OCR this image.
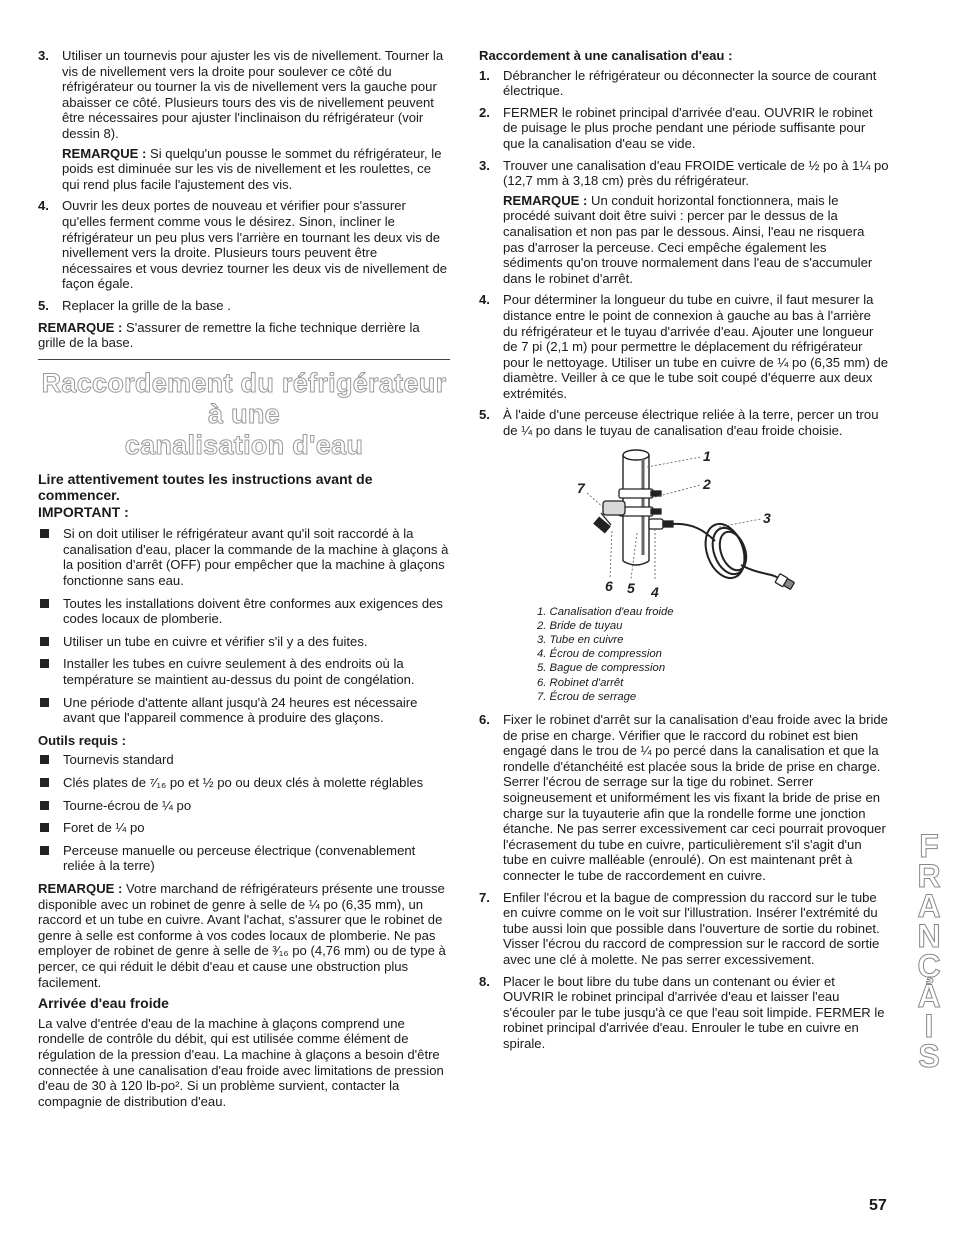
3. Utiliser un tournevis pour ajuster les vis de nivellement. Tourner la vis de nivellement vers la droite pour soulever ce côté du réfrigérateur ou tourner la vis de nivellement vers la gauche pour abaisser ce côté. Plusieurs tours des vis de nivellement peuvent être nécessaires pour ajuster l'inclinaison du réfrigérateur (voir dessin 8).

REMARQUE : Si quelqu'un pousse le sommet du réfrigérateur, le poids est diminuée sur les vis de nivellement et les roulettes, ce qui rend plus facile l'ajustement des vis.

4. Ouvrir les deux portes de nouveau et vérifier pour s'assurer qu'elles ferment comme vous le désirez. Sinon, incliner le réfrigérateur un peu plus vers l'arrière en tournant les deux vis de nivellement vers la droite. Plusieurs tours peuvent être nécessaires et vous devriez tourner les deux vis de nivellement de façon égale.

5. Replacer la grille de la base .

REMARQUE : S'assurer de remettre la fiche technique derrière la grille de la base.

Raccordement du réfrigérateur à une
canalisation d'eau
Lire attentivement toutes les instructions avant de commencer.
IMPORTANT :
Si on doit utiliser le réfrigérateur avant qu'il soit raccordé à la canalisation d'eau, placer la commande de la machine à glaçons à la position d'arrêt (OFF) pour empêcher que la machine à glaçons fonctionne sans eau.
Toutes les installations doivent être conformes aux exigences des codes locaux de plomberie.
Utiliser un tube en cuivre et vérifier s'il y a des fuites.
Installer les tubes en cuivre seulement à des endroits où la température se maintient au-dessus du point de congélation.
Une période d'attente allant jusqu'à 24 heures est nécessaire avant que l'appareil commence à produire des glaçons.
Outils requis :
Tournevis standard
Clés plates de ⁷⁄₁₆ po et ½ po ou deux clés à molette réglables
Tourne-écrou de ¼ po
Foret de ¼ po
Perceuse manuelle ou perceuse électrique (convenablement reliée à la terre)

REMARQUE : Votre marchand de réfrigérateurs présente une trousse disponible avec un robinet de genre à selle de ¼ po (6,35 mm), un raccord et un tube en cuivre. Avant l'achat, s'assurer que le robinet de genre à selle est conforme à vos codes locaux de plomberie. Ne pas employer de robinet de genre à selle de ³⁄₁₆ po (4,76 mm) ou de type à percer, ce qui réduit le débit d'eau et cause une obstruction plus facilement.

Arrivée d'eau froide

La valve d'entrée d'eau de la machine à glaçons comprend une rondelle de contrôle du débit, qui est utilisée comme élément de régulation de la pression d'eau. La machine à glaçons a besoin d'être connectée à une canalisation d'eau froide avec limitations de pression d'eau de 30 à 120 lb-po². Si un problème survient, contacter la compagnie de distribution d'eau.

Raccordement à une canalisation d'eau :
1. Débrancher le réfrigérateur ou déconnecter la source de courant électrique.

2. FERMER le robinet principal d'arrivée d'eau. OUVRIR le robinet de puisage le plus proche pendant une période suffisante pour que la canalisation d'eau se vide.

3. Trouver une canalisation d'eau FROIDE verticale de ½ po à 1¼ po (12,7 mm à 3,18 cm) près du réfrigérateur.

REMARQUE : Un conduit horizontal fonctionnera, mais le procédé suivant doit être suivi : percer par le dessus de la canalisation et non pas par le dessous. Ainsi, l'eau ne risquera pas d'arroser la perceuse. Ceci empêche également les sédiments qu'on trouve normalement dans l'eau de s'accumuler dans le robinet d'arrêt.

4. Pour déterminer la longueur du tube en cuivre, il faut mesurer la distance entre le point de connexion à gauche au bas à l'arrière du réfrigérateur et le tuyau d'arrivée d'eau. Ajouter une longueur de 7 pi (2,1 m) pour permettre le déplacement du réfrigérateur pour le nettoyage. Utiliser un tube en cuivre de ¼ po (6,35 mm) de diamètre. Veiller à ce que le tube soit coupé d'équerre aux deux extrémités.

5. À l'aide d'une perceuse électrique reliée à la terre, percer un trou de ¼ po dans le tuyau de canalisation d'eau froide choisie.

1
2
3
4
5
6
7
1. Canalisation d'eau froide
2. Bride de tuyau
3. Tube en cuivre
4. Écrou de compression
5. Bague de compression
6. Robinet d'arrêt
7. Écrou de serrage
6. Fixer le robinet d'arrêt sur la canalisation d'eau froide avec la bride de prise en charge. Vérifier que le raccord du robinet est bien engagé dans le trou de ¼ po percé dans la canalisation et que la rondelle d'étanchéité est placée sous la bride de prise en charge. Serrer l'écrou de serrage sur la tige du robinet. Serrer soigneusement et uniformément les vis fixant la bride de prise en charge sur la tuyauterie afin que la rondelle forme une jonction étanche. Ne pas serrer excessivement car ceci pourrait provoquer l'écrasement du tube en cuivre, particulièrement s'il s'agit d'un tube en cuivre malléable (enroulé). On est maintenant prêt à connecter le tube de raccordement en cuivre.

7. Enfiler l'écrou et la bague de compression du raccord sur le tube en cuivre comme on le voit sur l'illustration. Insérer l'extrémité du tube aussi loin que possible dans l'ouverture de sortie du robinet. Visser l'écrou du raccord de compression sur le raccord de sortie avec une clé à molette. Ne pas serrer excessivement.

8. Placer le bout libre du tube dans un contenant ou évier et OUVRIR le robinet principal d'arrivée d'eau et laisser l'eau s'écouler par le tube jusqu'à ce que l'eau soit limpide. FERMER le robinet principal d'arrivée d'eau. Enrouler le tube en cuivre en spirale.	FRANÇAIS
57
